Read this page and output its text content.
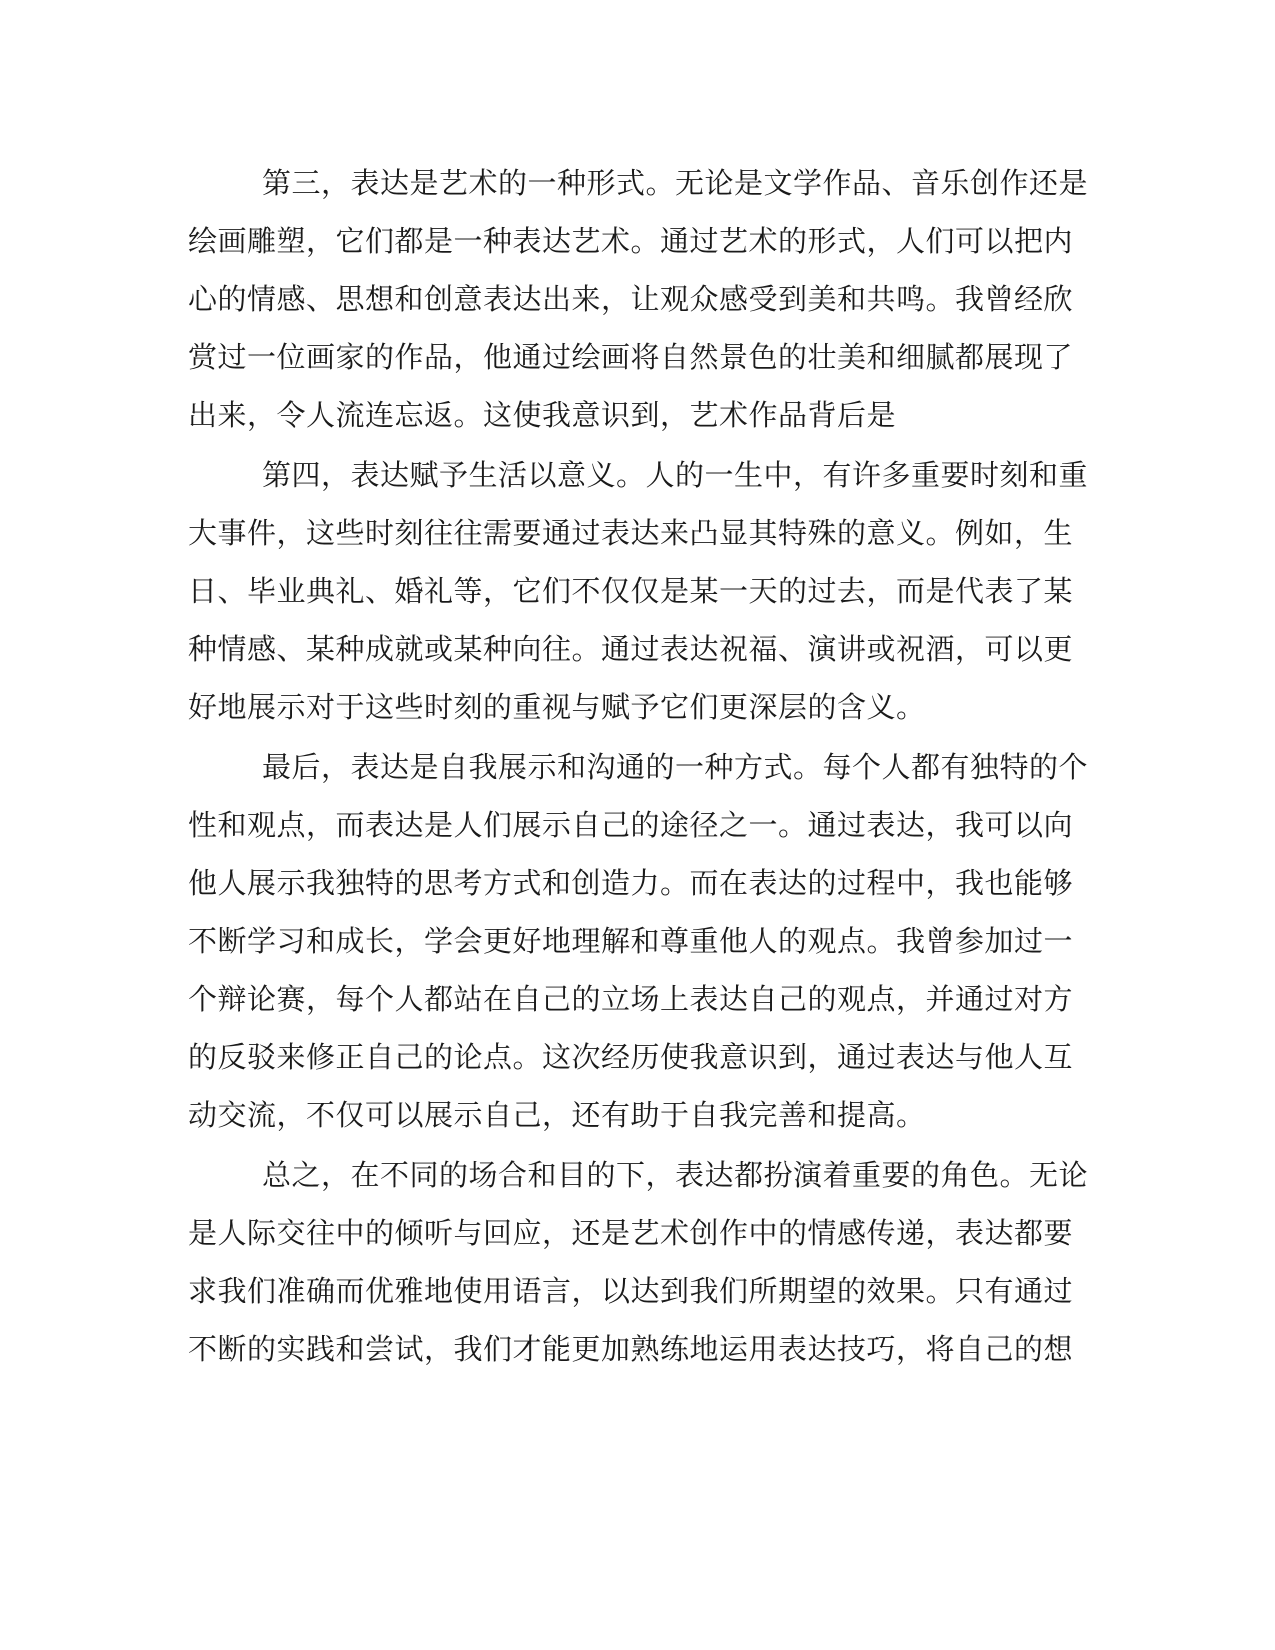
第三，表达是艺术的一种形式。无论是文学作品、音乐创作还是
绘画雕塑，它们都是一种表达艺术。通过艺术的形式，人们可以把内
心的情感、思想和创意表达出来，让观众感受到美和共鸣。我曾经欣
赏过一位画家的作品，他通过绘画将自然景色的壮美和细腻都展现了
出来，令人流连忘返。这使我意识到，艺术作品背后是
第四，表达赋予生活以意义。人的一生中，有许多重要时刻和重
大事件，这些时刻往往需要通过表达来凸显其特殊的意义。例如，生
日、毕业典礼、婚礼等，它们不仅仅是某一天的过去，而是代表了某
种情感、某种成就或某种向往。通过表达祝福、演讲或祝酒，可以更
好地展示对于这些时刻的重视与赋予它们更深层的含义。
最后，表达是自我展示和沟通的一种方式。每个人都有独特的个
性和观点，而表达是人们展示自己的途径之一。通过表达，我可以向
他人展示我独特的思考方式和创造力。而在表达的过程中，我也能够
不断学习和成长，学会更好地理解和尊重他人的观点。我曾参加过一
个辩论赛，每个人都站在自己的立场上表达自己的观点，并通过对方
的反驳来修正自己的论点。这次经历使我意识到，通过表达与他人互
动交流，不仅可以展示自己，还有助于自我完善和提高。
总之，在不同的场合和目的下，表达都扮演着重要的角色。无论
是人际交往中的倾听与回应，还是艺术创作中的情感传递，表达都要
求我们准确而优雅地使用语言，以达到我们所期望的效果。只有通过
不断的实践和尝试，我们才能更加熟练地运用表达技巧，将自己的想
